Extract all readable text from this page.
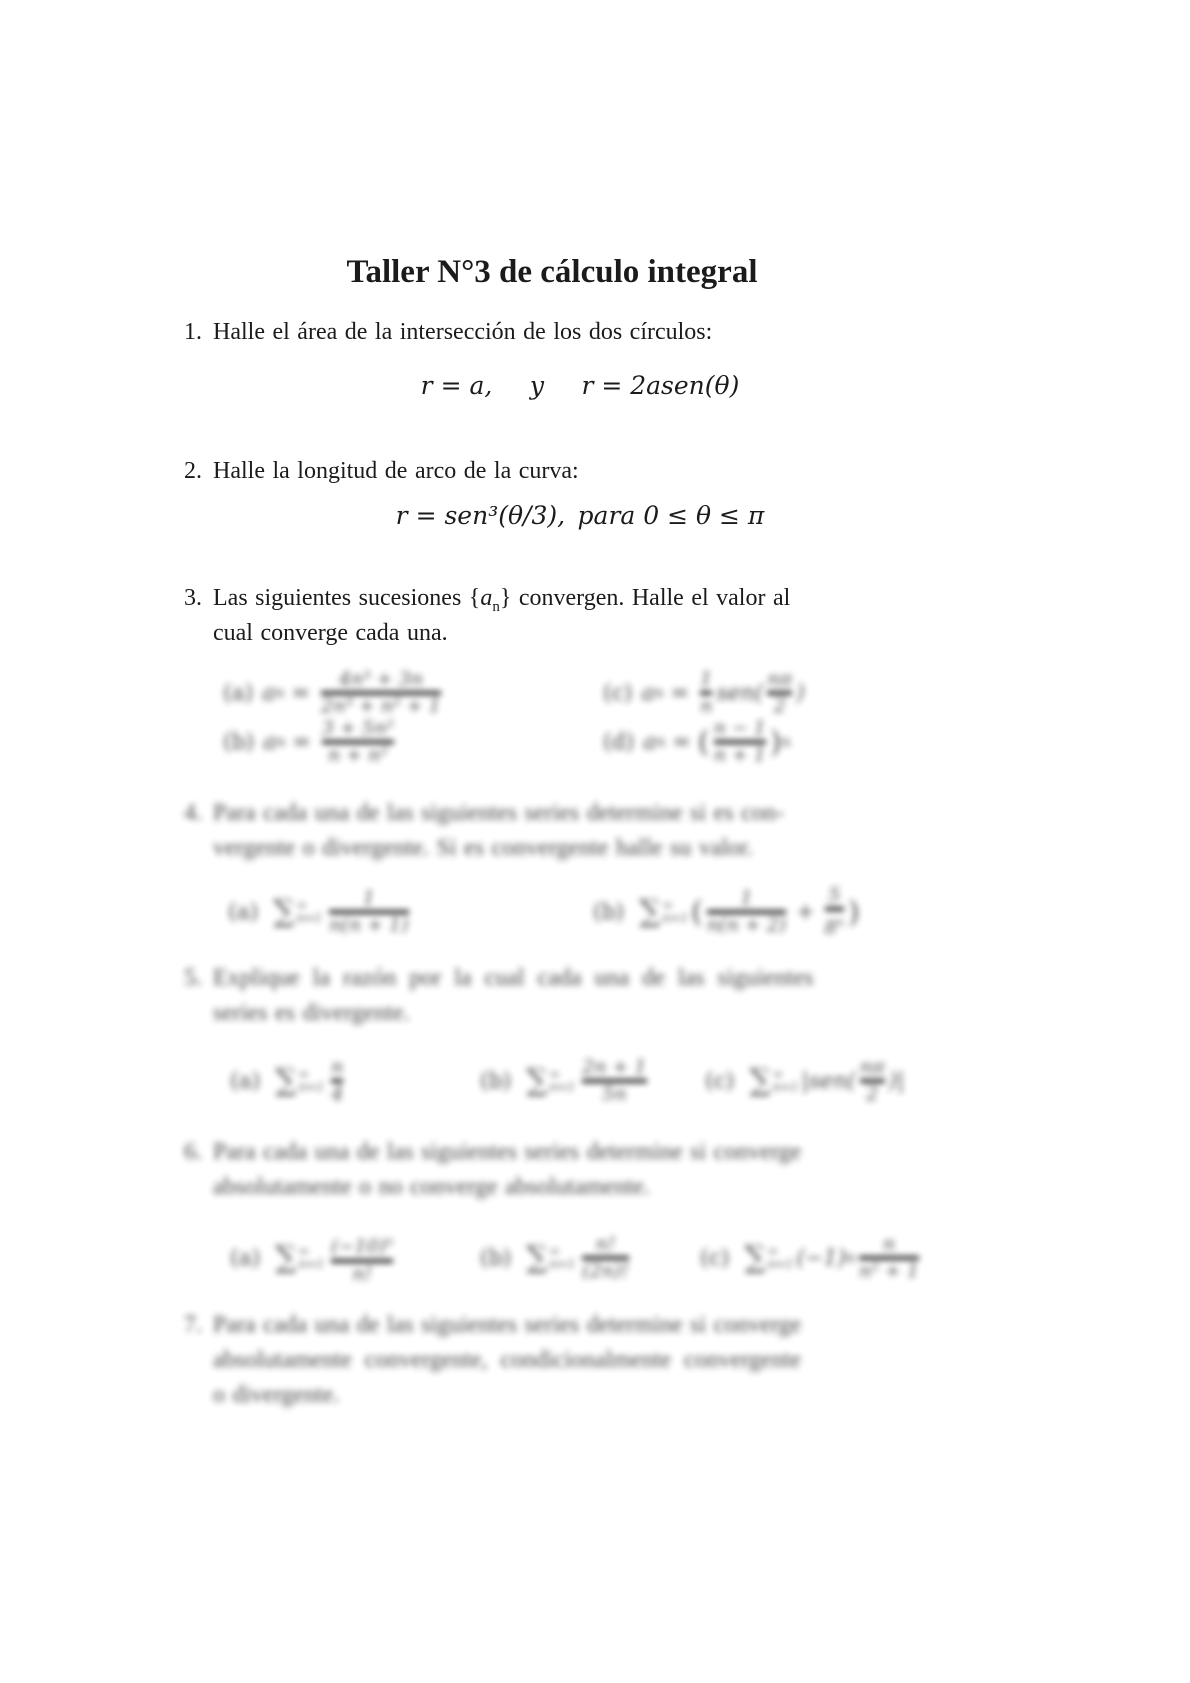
Taller N°3 de cálculo integral
1. Halle el área de la intersección de los dos círculos:
r = a,  y  r = 2asen(θ)
2. Halle la longitud de arco de la curva:
r = sen³(θ/3), para 0 ≤ θ ≤ π
3. Las siguientes sucesiones $\{a_n\}$ convergen. Halle el valor al
cual converge cada una.
(a) a $n = \frac{\text{4n³ + 3n}}{\text{2n³ + n² + 1}}$	(c) a $n = \frac{1}{n} sen( \frac{n\pi}{2}$ )
(b) a $n = \frac{\text{3 + 5n²}}{\text{n + n²}}$	(d) a n = ( $\frac{n - 1}{n + 1}$ ) n
4. Para cada una de las siguientes series determine si es con-
vergente o divergente. Si es convergente halle su valor.
(a) ∑ ∞
$n=1 \frac{1}{n(n + 1)}$	(b) ∑ ∞
n=1 ( $\frac{1}{n(n + 2)} + \frac{5}{8^n}$ )
5. Explique la razón por la cual cada una de las siguientes
series es divergente.
(a) ∑ ∞
$n=1 \frac{n}{4}$	(b) ∑ ∞
$n=1 \frac{2n + 1}{5n}$	(c) ∑ ∞
n=1 $|sen( \frac{n\pi}{2}$ )|
6. Para cada una de las siguientes series determine si converge
absolutamente o no converge absolutamente.
(a) ∑ ∞
$n=1 \frac{(-10)^n}{n!}$	(b) ∑ ∞
$n=1 \frac{n!}{(2n)!}$	(c) ∑ ∞
n=1 (−1) n $\frac{n}{\text{n² + 1}}$
7. Para cada una de las siguientes series determine si converge
absolutamente convergente, condicionalmente convergente
o divergente.
